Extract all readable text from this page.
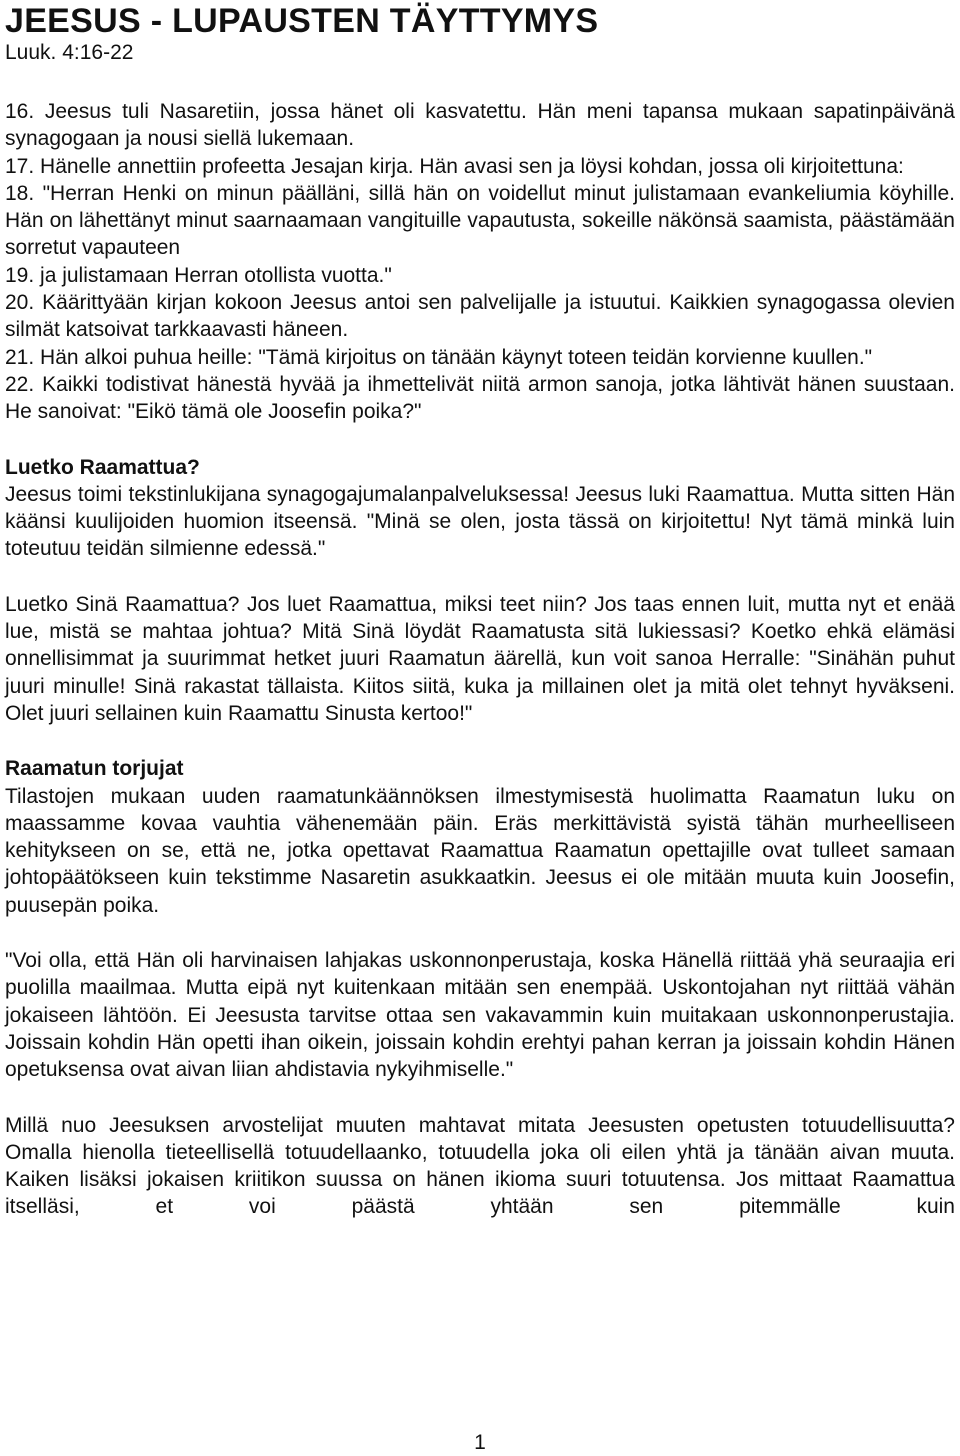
JEESUS - LUPAUSTEN TÄYTTYMYS
Luuk. 4:16-22

16. Jeesus tuli Nasaretiin, jossa hänet oli kasvatettu. Hän meni tapansa mukaan sapatinpäivänä synagogaan ja nousi siellä lukemaan.

17. Hänelle annettiin profeetta Jesajan kirja. Hän avasi sen ja löysi kohdan, jossa oli kirjoitettuna:

18. "Herran Henki on minun päälläni, sillä hän on voidellut minut julistamaan evankeliumia köyhille. Hän on lähettänyt minut saarnaamaan vangituille vapautusta, sokeille näkönsä saamista, päästämään sorretut vapauteen

19. ja julistamaan Herran otollista vuotta."

20. Käärittyään kirjan kokoon Jeesus antoi sen palvelijalle ja istuutui. Kaikkien synagogassa olevien silmät katsoivat tarkkaavasti häneen.

21. Hän alkoi puhua heille: "Tämä kirjoitus on tänään käynyt toteen teidän korvienne kuullen."

22. Kaikki todistivat hänestä hyvää ja ihmettelivät niitä armon sanoja, jotka lähtivät hänen suustaan. He sanoivat: "Eikö tämä ole Joosefin poika?"

Luetko Raamattua?

Jeesus toimi tekstinlukijana synagogajumalanpalveluksessa! Jeesus luki Raamattua. Mutta sitten Hän käänsi kuulijoiden huomion itseensä. "Minä se olen, josta tässä on kirjoitettu! Nyt tämä minkä luin toteutuu teidän silmienne edessä."

Luetko Sinä Raamattua? Jos luet Raamattua, miksi teet niin? Jos taas ennen luit, mutta nyt et enää lue, mistä se mahtaa johtua? Mitä Sinä löydät Raamatusta sitä lukiessasi? Koetko ehkä elämäsi onnellisimmat ja suurimmat hetket juuri Raamatun äärellä, kun voit sanoa Herralle: "Sinähän puhut juuri minulle! Sinä rakastat tällaista. Kiitos siitä, kuka ja millainen olet ja mitä olet tehnyt hyväkseni. Olet juuri sellainen kuin Raamattu Sinusta kertoo!"

Raamatun torjujat

Tilastojen mukaan uuden raamatunkäännöksen ilmestymisestä huolimatta Raamatun luku on maassamme kovaa vauhtia vähenemään päin. Eräs merkittävistä syistä tähän murheelliseen kehitykseen on se, että ne, jotka opettavat Raamattua Raamatun opettajille ovat tulleet samaan johtopäätökseen kuin tekstimme Nasaretin asukkaatkin. Jeesus ei ole mitään muuta kuin Joosefin, puusepän poika.

"Voi olla, että Hän oli harvinaisen lahjakas uskonnonperustaja, koska Hänellä riittää yhä seuraajia eri puolilla maailmaa. Mutta eipä nyt kuitenkaan mitään sen enempää. Uskontojahan nyt riittää vähän jokaiseen lähtöön. Ei Jeesusta tarvitse ottaa sen vakavammin kuin muitakaan uskonnonperustajia. Joissain kohdin Hän opetti ihan oikein, joissain kohdin erehtyi pahan kerran ja joissain kohdin Hänen opetuksensa ovat aivan liian ahdistavia nykyihmiselle."

Millä nuo Jeesuksen arvostelijat muuten mahtavat mitata Jeesusten opetusten totuudellisuutta? Omalla hienolla tieteellisellä totuudellaanko, totuudella joka oli eilen yhtä ja tänään aivan muuta. Kaiken lisäksi jokaisen kriitikon suussa on hänen ikioma suuri totuutensa. Jos mittaat Raamattua itselläsi, et voi päästä yhtään sen pitemmälle kuin

1
